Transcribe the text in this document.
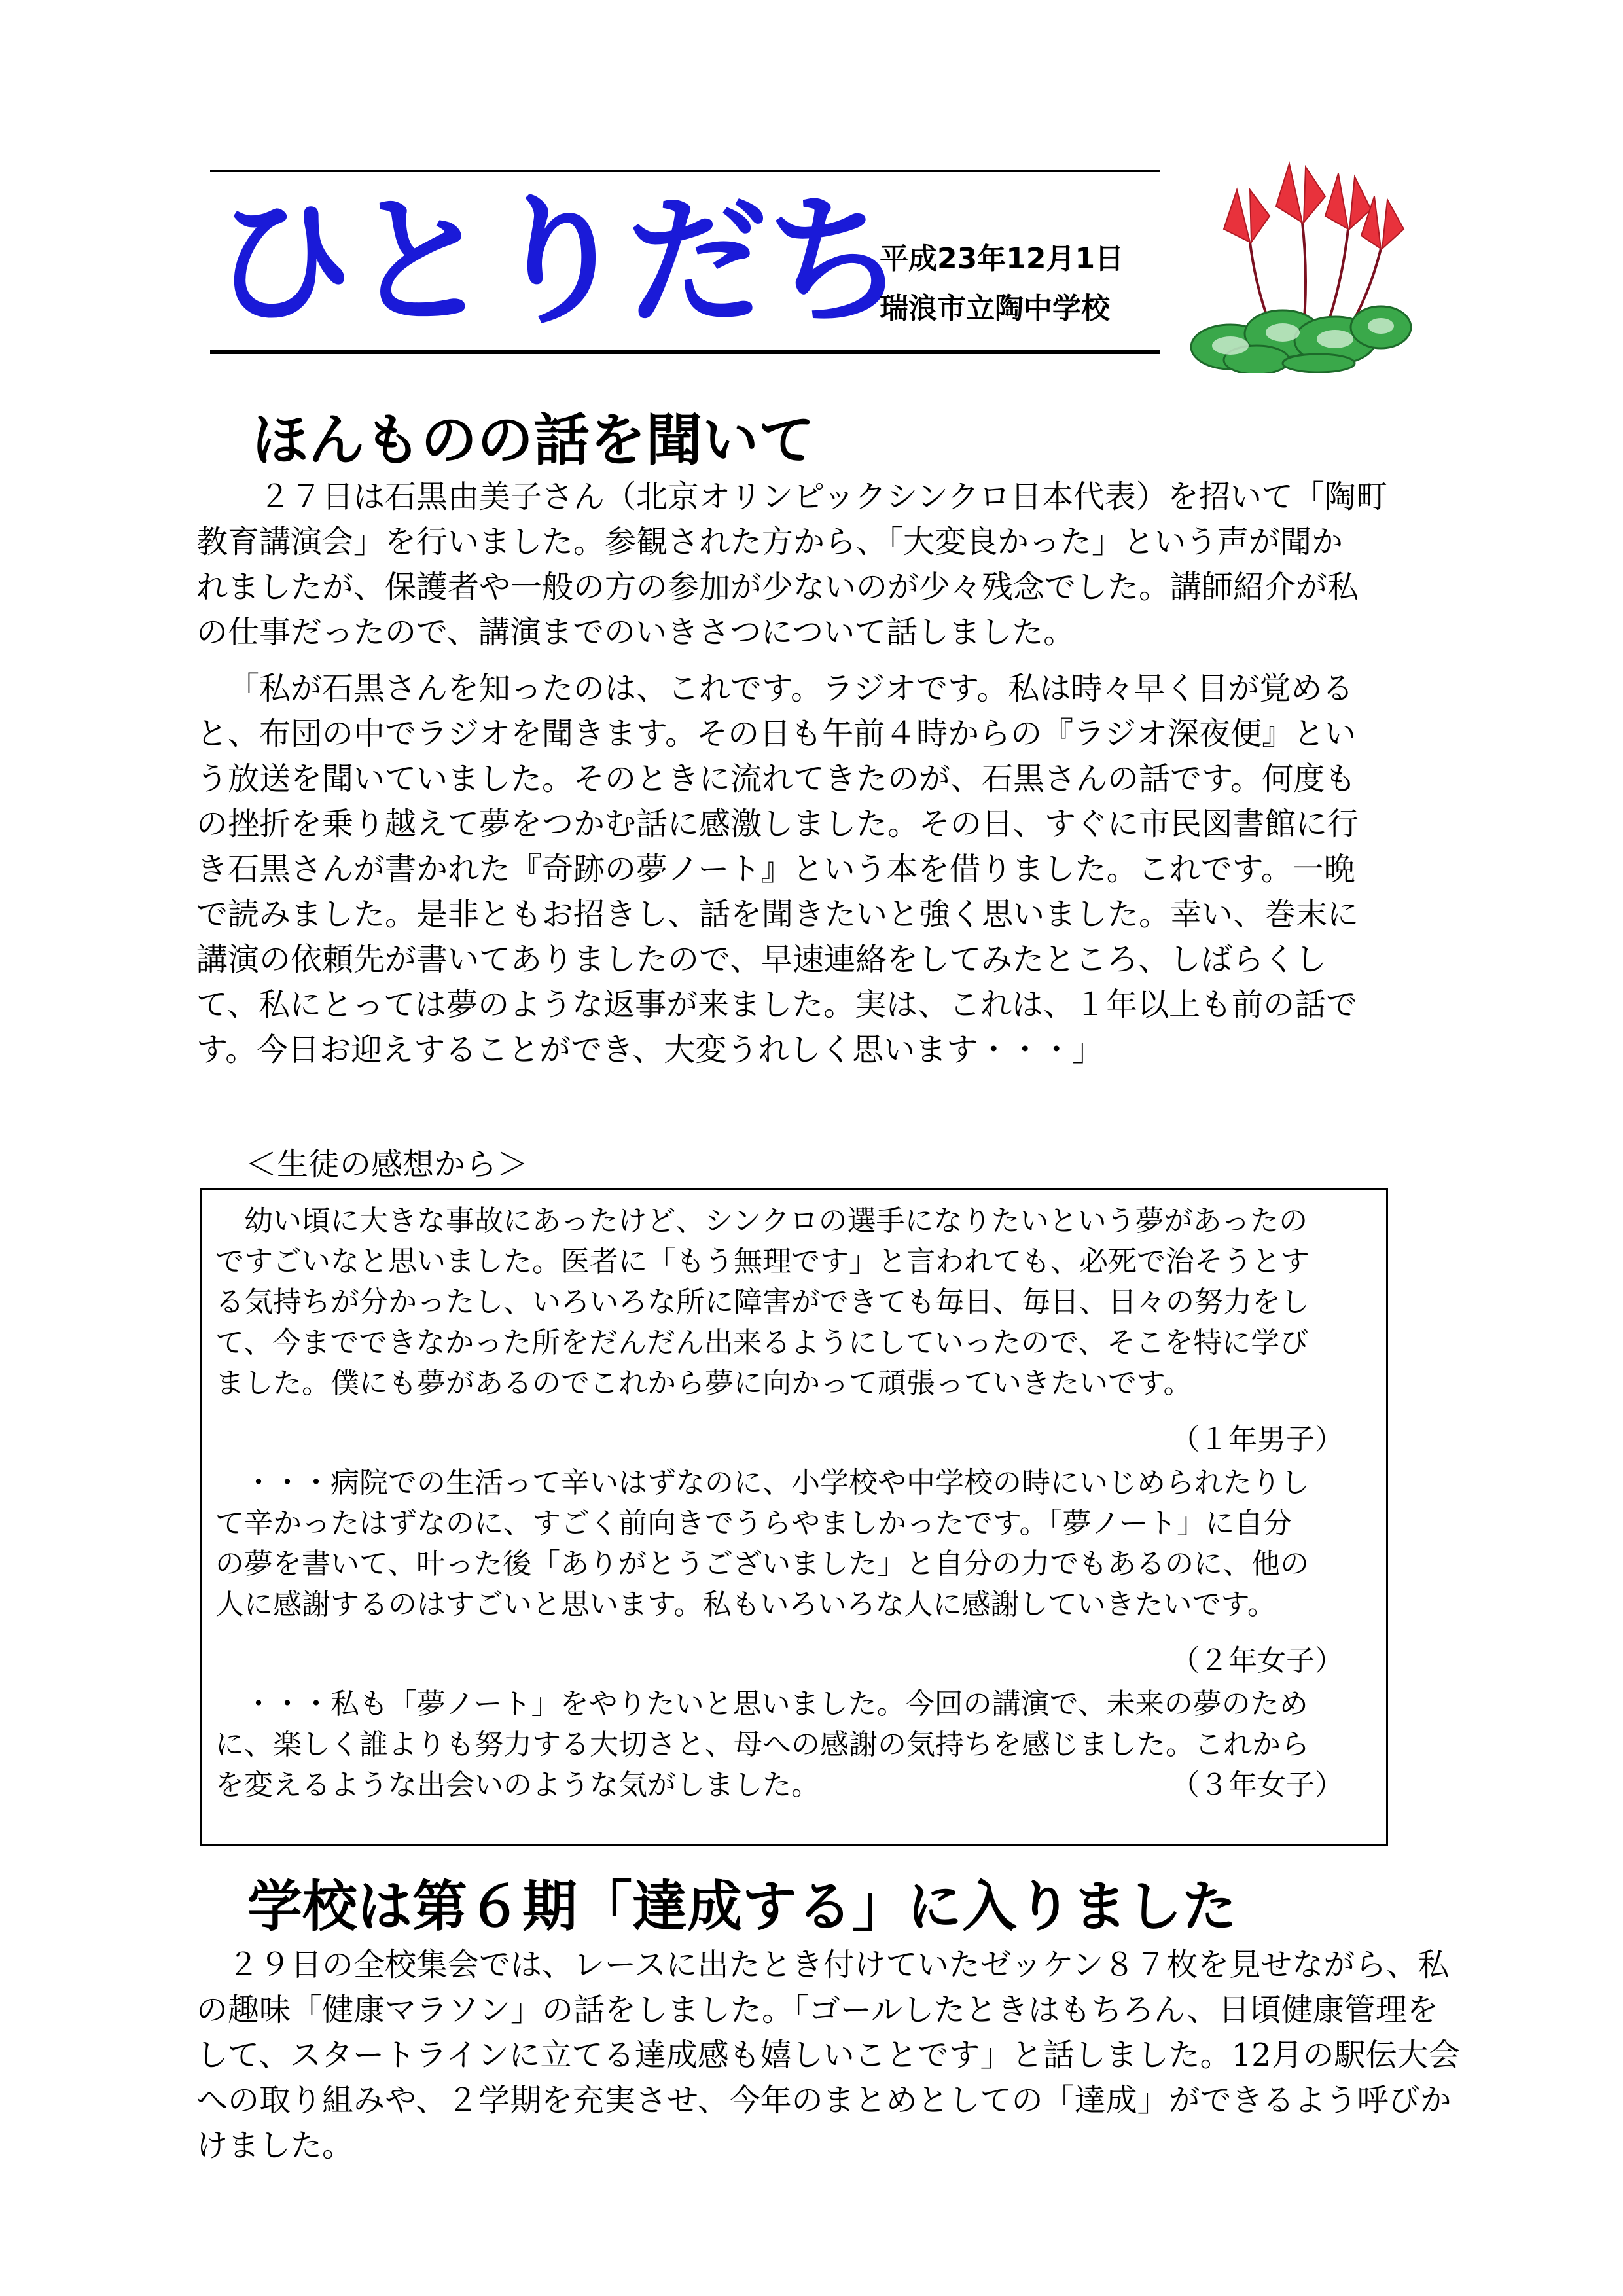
ひとりだち
平成23年12月1日
瑞浪市立陶中学校
ほんものの話を聞いて
２７日は石黒由美子さん（北京オリンピックシンクロ日本代表）を招いて「陶町
教育講演会」を行いました。参観された方から、「大変良かった」という声が聞か
れましたが、保護者や一般の方の参加が少ないのが少々残念でした。講師紹介が私
の仕事だったので、講演までのいきさつについて話しました。
「私が石黒さんを知ったのは、これです。ラジオです。私は時々早く目が覚める
と、布団の中でラジオを聞きます。その日も午前４時からの『ラジオ深夜便』とい
う放送を聞いていました。そのときに流れてきたのが、石黒さんの話です。何度も
の挫折を乗り越えて夢をつかむ話に感激しました。その日、すぐに市民図書館に行
き石黒さんが書かれた『奇跡の夢ノート』という本を借りました。これです。一晩
で読みました。是非ともお招きし、話を聞きたいと強く思いました。幸い、巻末に
講演の依頼先が書いてありましたので、早速連絡をしてみたところ、しばらくし
て、私にとっては夢のような返事が来ました。実は、これは、１年以上も前の話で
す。今日お迎えすることができ、大変うれしく思います・・・」
＜生徒の感想から＞
幼い頃に大きな事故にあったけど、シンクロの選手になりたいという夢があったの
ですごいなと思いました。医者に「もう無理です」と言われても、必死で治そうとす
る気持ちが分かったし、いろいろな所に障害ができても毎日、毎日、日々の努力をし
て、今までできなかった所をだんだん出来るようにしていったので、そこを特に学び
ました。僕にも夢があるのでこれから夢に向かって頑張っていきたいです。
（１年男子）
・・・病院での生活って辛いはずなのに、小学校や中学校の時にいじめられたりし
て辛かったはずなのに、すごく前向きでうらやましかったです。「夢ノート」に自分
の夢を書いて、叶った後「ありがとうございました」と自分の力でもあるのに、他の
人に感謝するのはすごいと思います。私もいろいろな人に感謝していきたいです。
（２年女子）
・・・私も「夢ノート」をやりたいと思いました。今回の講演で、未来の夢のため
に、楽しく誰よりも努力する大切さと、母への感謝の気持ちを感じました。これから
を変えるような出会いのような気がしました。	（３年女子）
学校は第６期「達成する」に入りました
２９日の全校集会では、レースに出たとき付けていたゼッケン８７枚を見せながら、私
の趣味「健康マラソン」の話をしました。「ゴールしたときはもちろん、日頃健康管理を
して、スタートラインに立てる達成感も嬉しいことです」と話しました。12月の駅伝大会
への取り組みや、２学期を充実させ、今年のまとめとしての「達成」ができるよう呼びか
けました。
